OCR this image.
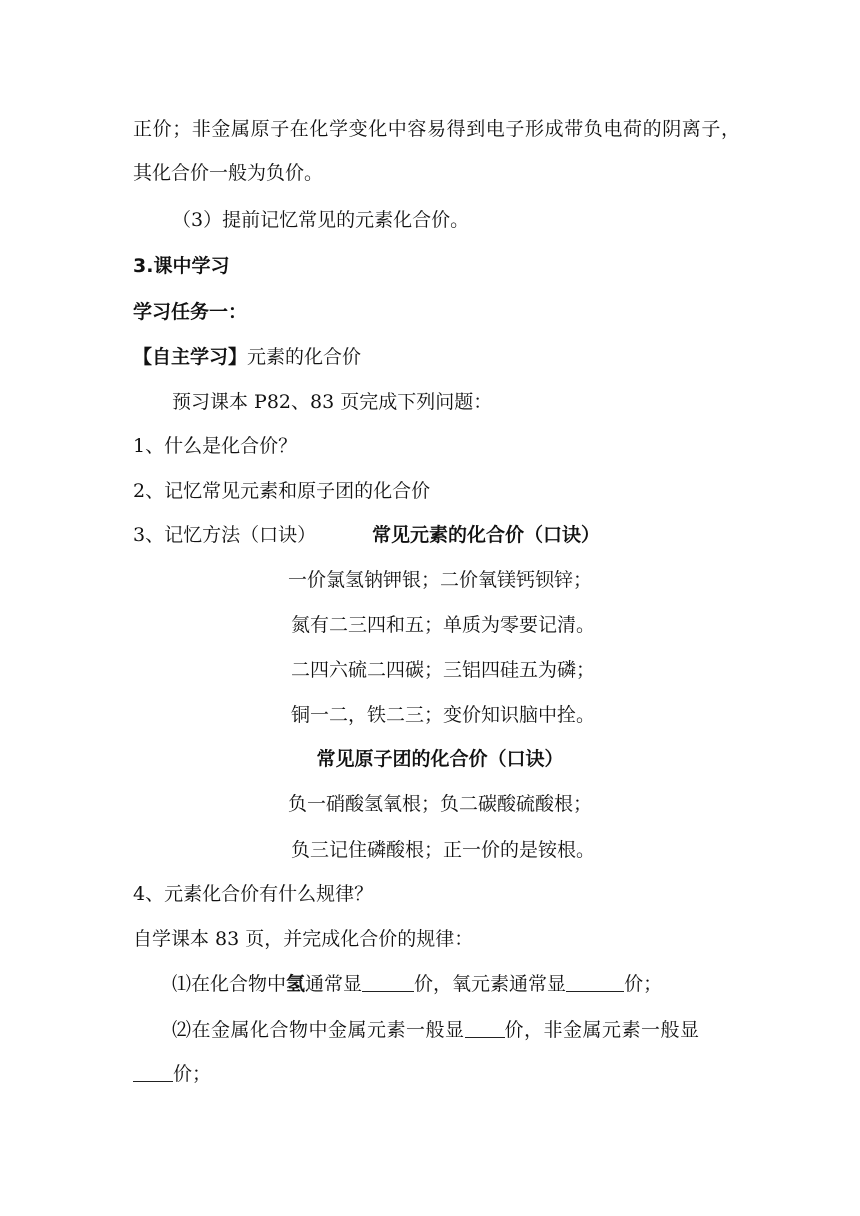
正价；非金属原子在化学变化中容易得到电子形成带负电荷的阴离子，
其化合价一般为负价。
（3）提前记忆常见的元素化合价。
3.课中学习
学习任务一：
【自主学习】元素的化合价
预习课本 P82、83 页完成下列问题：
1、什么是化合价？
2、记忆常见元素和原子团的化合价
3、记忆方法（口诀）	常见元素的化合价（口诀）
一价氯氢钠钾银；二价氧镁钙钡锌；
氮有二三四和五；单质为零要记清。
二四六硫二四碳；三铝四硅五为磷；
铜一二，铁二三；变价知识脑中拴。
常见原子团的化合价（口诀）
负一硝酸氢氧根；负二碳酸硫酸根；
负三记住磷酸根；正一价的是铵根。
4、元素化合价有什么规律？
自学课本 83 页，并完成化合价的规律：
⑴在化合物中氢通常显	价，氧元素通常显	价；
⑵在金属化合物中金属元素一般显 价，非金属元素一般显
价；
